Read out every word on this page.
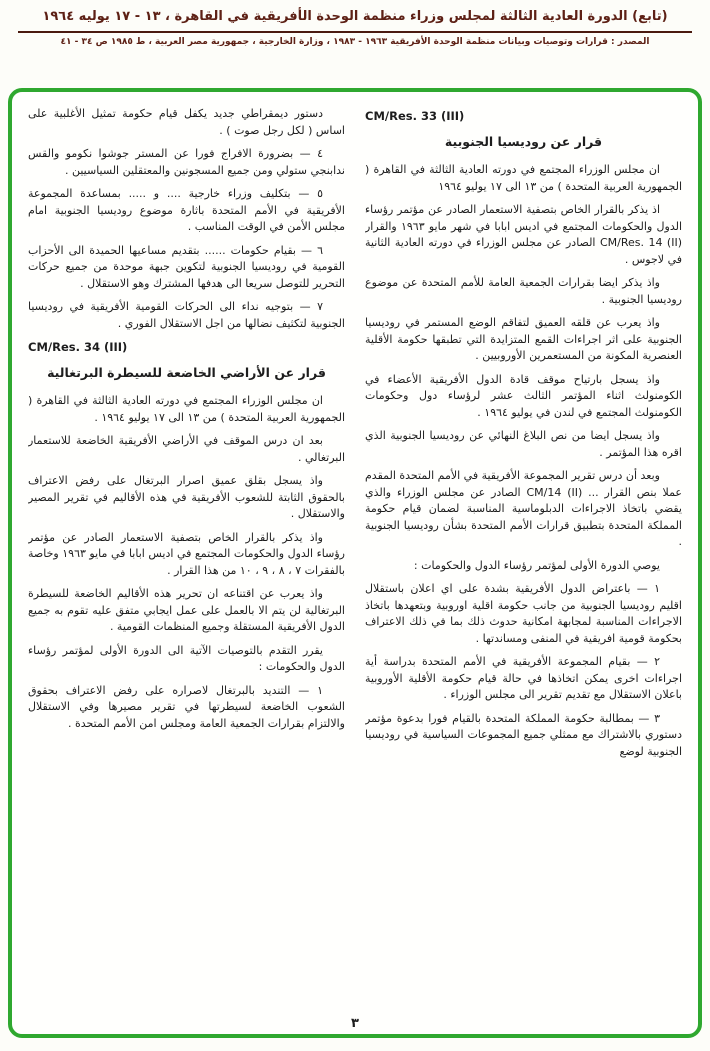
(تابع) الدورة العادية الثالثة لمجلس وزراء منظمة الوحدة الأفريقية في القاهرة ، ١٣ - ١٧ يوليه ١٩٦٤
المصدر : قرارات وتوصيات وبيانات منظمة الوحدة الأفريقية ١٩٦٣ - ١٩٨٣ ، وزارة الخارجية ، جمهورية مصر العربية ، ط ١٩٨٥ ص ٣٤ - ٤١
CM/Res. 33 (III)
قرار عن روديسيا الجنوبية

ان مجلس الوزراء المجتمع في دورته العادية الثالثة في القاهرة ( الجمهورية العربية المتحدة ) من ١٣ الى ١٧ يوليو ١٩٦٤

اذ يذكر بالقرار الخاص بتصفية الاستعمار الصادر عن مؤتمر رؤساء الدول والحكومات المجتمع في اديس ابابا في شهر مايو ١٩٦٣ والقرار CM/Res. 14 (II) الصادر عن مجلس الوزراء في دورته العادية الثانية في لاجوس .

واذ يذكر ايضا بقرارات الجمعية العامة للأمم المتحدة عن موضوع روديسيا الجنوبية .

واذ يعرب عن قلقه العميق لتفاقم الوضع المستمر في روديسيا الجنوبية على اثر اجراءات القمع المتزايدة التي تطبقها حكومة الأقلية العنصرية المكونة من المستعمرين الأوروبيين .

واذ يسجل بارتياح موقف قادة الدول الأفريقية الأعضاء في الكومنولث اثناء المؤتمر الثالث عشر لرؤساء دول وحكومات الكومنولث المجتمع في لندن في يوليو ١٩٦٤ .

واذ يسجل ايضا من نص البلاغ النهائي عن روديسيا الجنوبية الذي اقره هذا المؤتمر .

وبعد أن درس تقرير المجموعة الأفريقية في الأمم المتحدة المقدم عملا بنص القرار ... CM/14 (II) الصادر عن مجلس الوزراء والذي يقضي باتخاذ الاجراءات الدبلوماسية المناسبة لضمان قيام حكومة المملكة المتحدة بتطبيق قرارات الأمم المتحدة بشأن روديسيا الجنوبية .

يوصي الدورة الأولى لمؤتمر رؤساء الدول والحكومات :

١ — باعتراض الدول الأفريقية بشدة على اي اعلان باستقلال اقليم روديسيا الجنوبية من جانب حكومة اقلية اوروبية وبتعهدها باتخاذ الاجراءات المناسبة لمجابهة امكانية حدوث ذلك بما في ذلك الاعتراف بحكومة قومية افريقية في المنفى ومساندتها .

٢ — بقيام المجموعة الأفريقية في الأمم المتحدة بدراسة أية اجراءات اخرى يمكن اتخاذها في حالة قيام حكومة الأقلية الأوروبية باعلان الاستقلال مع تقديم تقرير الى مجلس الوزراء .

٣ — بمطالبة حكومة المملكة المتحدة بالقيام فورا بدعوة مؤتمر دستوري بالاشتراك مع ممثلي جميع المجموعات السياسية في روديسيا الجنوبية لوضع

دستور ديمقراطي جديد يكفل قيام حكومة تمثيل الأغلبية على اساس ( لكل رجل صوت ) .

٤ — بضرورة الافراج فورا عن المستر جوشوا نكومو والقس ندابنجي ستولي ومن جميع المسجونين والمعتقلين السياسيين .

٥ — بتكليف وزراء خارجية .... و ..... بمساعدة المجموعة الأفريقية في الأمم المتحدة باثارة موضوع روديسيا الجنوبية امام مجلس الأمن في الوقت المناسب .

٦ — بقيام حكومات ...... بتقديم مساعيها الحميدة الى الأحزاب القومية في روديسيا الجنوبية لتكوين جبهة موحدة من جميع حركات التحرير للتوصل سريعا الى هدفها المشترك وهو الاستقلال .

٧ — بتوجيه نداء الى الحركات القومية الأفريقية في روديسيا الجنوبية لتكثيف نضالها من اجل الاستقلال الفوري .

CM/Res. 34 (III)
قرار عن الأراضي الخاضعة للسيطرة البرتغالية

ان مجلس الوزراء المجتمع في دورته العادية الثالثة في القاهرة ( الجمهورية العربية المتحدة ) من ١٣ الى ١٧ يوليو ١٩٦٤ .

بعد ان درس الموقف في الأراضي الأفريقية الخاضعة للاستعمار البرتغالي .

واذ يسجل بقلق عميق اصرار البرتغال على رفض الاعتراف بالحقوق الثابتة للشعوب الأفريقية في هذه الأقاليم في تقرير المصير والاستقلال .

واذ يذكر بالقرار الخاص بتصفية الاستعمار الصادر عن مؤتمر رؤساء الدول والحكومات المجتمع في اديس ابابا في مايو ١٩٦٣ وخاصة بالفقرات ٧ ، ٨ ، ٩ ، ١٠ من هذا القرار .

واذ يعرب عن اقتناعه ان تحرير هذه الأقاليم الخاضعة للسيطرة البرتغالية لن يتم الا بالعمل على عمل ايجابي متفق عليه تقوم به جميع الدول الأفريقية المستقلة وجميع المنظمات القومية .

يقرر التقدم بالتوصيات الآتية الى الدورة الأولى لمؤتمر رؤساء الدول والحكومات :

١ — التنديد بالبرتغال لاصراره على رفض الاعتراف بحقوق الشعوب الخاضعة لسيطرتها في تقرير مصيرها وفي الاستقلال والالتزام بقرارات الجمعية العامة ومجلس امن الأمم المتحدة .

٣
